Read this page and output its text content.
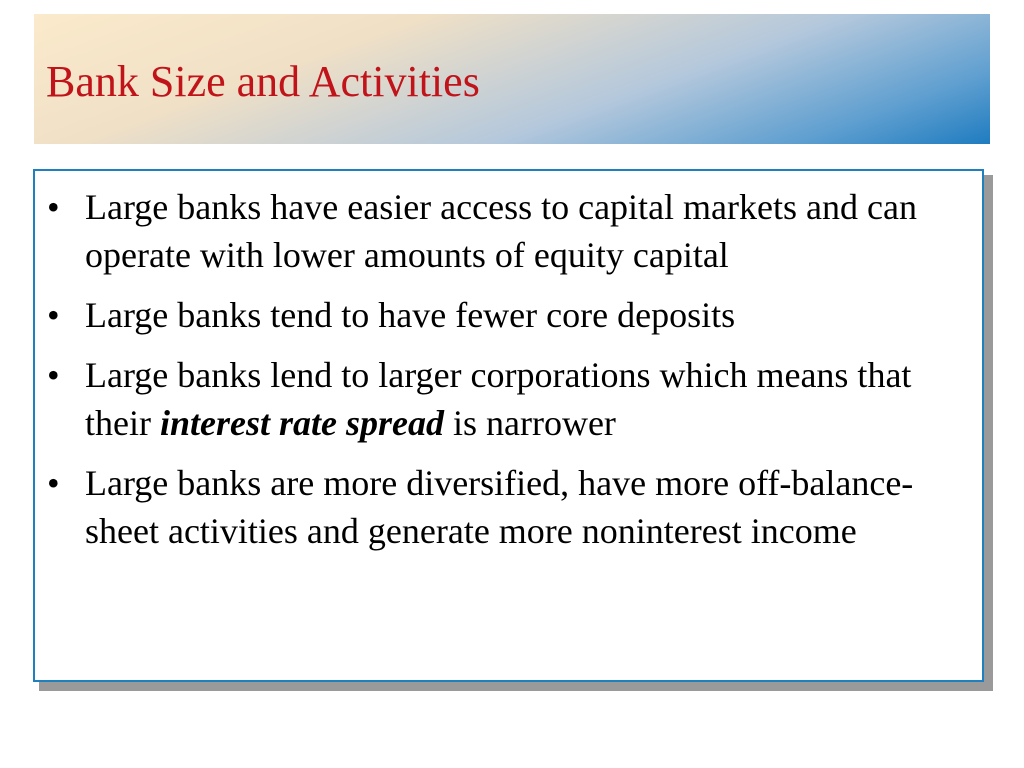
Bank Size and Activities
• Large banks have easier access to capital markets and can operate with lower amounts of equity capital
• Large banks tend to have fewer core deposits
• Large banks lend to larger corporations which means that their interest rate spread is narrower
• Large banks are more diversified, have more off-balance-sheet activities and generate more noninterest income
